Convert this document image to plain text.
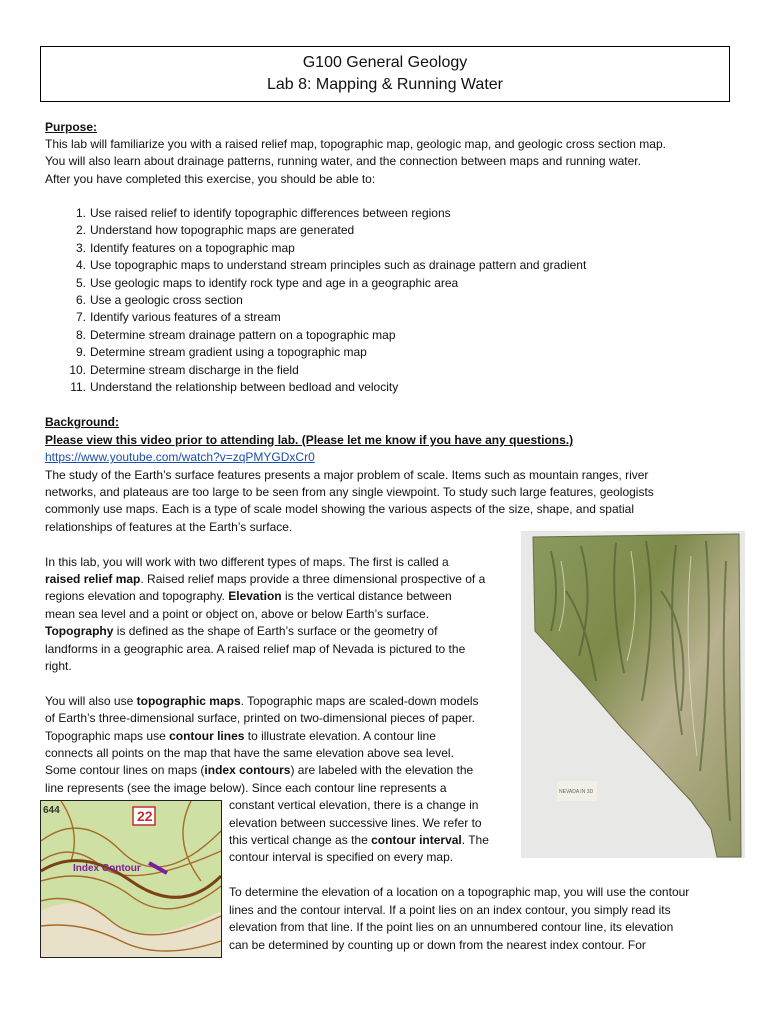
G100 General Geology
Lab 8: Mapping & Running Water
Purpose:
This lab will familiarize you with a raised relief map, topographic map, geologic map, and geologic cross section map.
You will also learn about drainage patterns, running water, and the connection between maps and running water.
After you have completed this exercise, you should be able to:
1. Use raised relief to identify topographic differences between regions
2. Understand how topographic maps are generated
3. Identify features on a topographic map
4. Use topographic maps to understand stream principles such as drainage pattern and gradient
5. Use geologic maps to identify rock type and age in a geographic area
6. Use a geologic cross section
7. Identify various features of a stream
8. Determine stream drainage pattern on a topographic map
9. Determine stream gradient using a topographic map
10. Determine stream discharge in the field
11. Understand the relationship between bedload and velocity
Background:
Please view this video prior to attending lab. (Please let me know if you have any questions.)
https://www.youtube.com/watch?v=zqPMYGDxCr0
The study of the Earth’s surface features presents a major problem of scale. Items such as mountain ranges, river
networks, and plateaus are too large to be seen from any single viewpoint. To study such large features, geologists
commonly use maps. Each is a type of scale model showing the various aspects of the size, shape, and spatial
relationships of features at the Earth’s surface.
In this lab, you will work with two different types of maps. The first is called a
raised relief map. Raised relief maps provide a three dimensional prospective of a
regions elevation and topography. Elevation is the vertical distance between
mean sea level and a point or object on, above or below Earth’s surface.
Topography is defined as the shape of Earth’s surface or the geometry of
landforms in a geographic area. A raised relief map of Nevada is pictured to the
right.
You will also use topographic maps. Topographic maps are scaled-down models
of Earth’s three-dimensional surface, printed on two-dimensional pieces of paper.
Topographic maps use contour lines to illustrate elevation. A contour line
connects all points on the map that have the same elevation above sea level.
Some contour lines on maps (index contours) are labeled with the elevation the
line represents (see the image below). Since each contour line represents a
constant vertical elevation, there is a change in
elevation between successive lines. We refer to
this vertical change as the contour interval. The
contour interval is specified on every map.
To determine the elevation of a location on a topographic map, you will use the contour
lines and the contour interval. If a point lies on an index contour, you simply read its
elevation from that line. If the point lies on an unnumbered contour line, its elevation
can be determined by counting up or down from the nearest index contour. For
NEVADA IN 3D
22
644
Index Contour
